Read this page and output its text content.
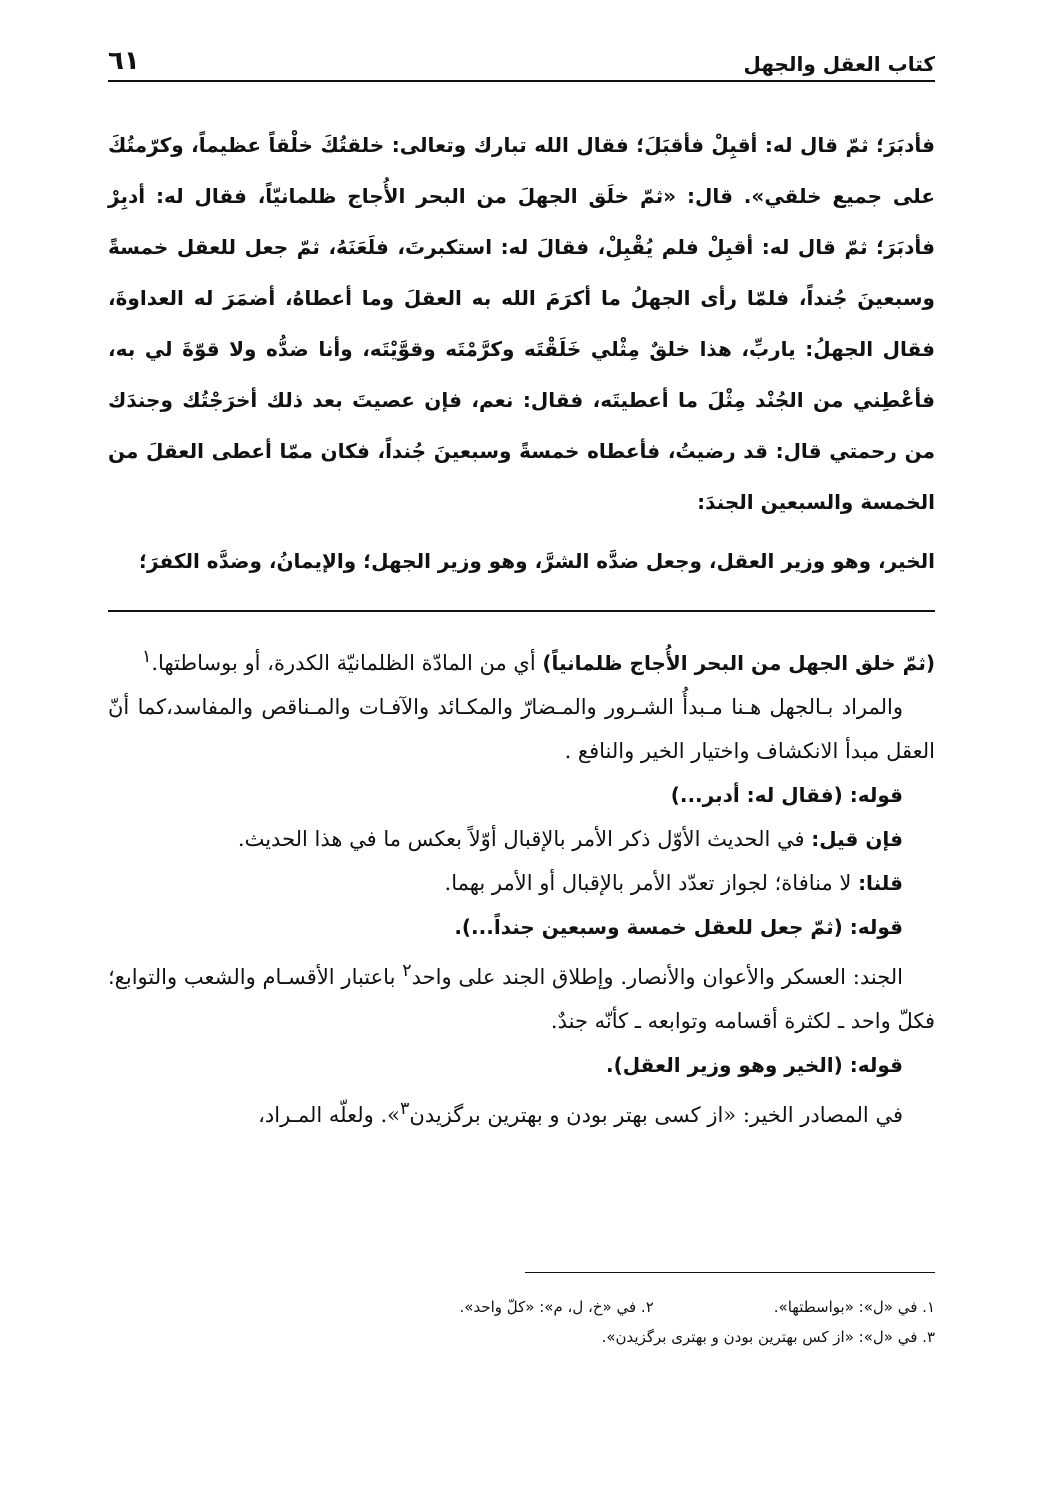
كتاب العقل والجهل
٦١

فأدبَرَ؛ ثمّ قال له: أقبِلْ فأقبَلَ؛ فقال الله تبارك وتعالى: خلقتُكَ خلْقاً عظيماً، وكرّمتُكَ على جميع خلقي». قال: «ثمّ خلَق الجهلَ من البحر الأُجاج ظلمانيّاً، فقال له: أدبِرْ فأدبَرَ؛ ثمّ قال له: أقبِلْ فلم يُقْبِلْ، فقالَ له: استكبرتَ، فلَعَنَهُ، ثمّ جعل للعقل خمسةً وسبعينَ جُنداً، فلمّا رأى الجهلُ ما أكرَمَ الله به العقلَ وما أعطاهُ، أضمَرَ له العداوةَ، فقال الجهلُ: ياربِّ، هذا خلقٌ مِثْلي خَلَقْتَه وكرَّمْتَه وقوَّيْتَه، وأنا ضدُّه ولا قوّةَ لي به، فأعْطِني من الجُنْد مِثْلَ ما أعطيتَه، فقال: نعم، فإن عصيتَ بعد ذلك أخرَجْتُك وجندَك من رحمتي قال: قد رضيتُ، فأعطاه خمسةً وسبعينَ جُنداً، فكان ممّا أعطى العقلَ من الخمسة والسبعين الجندَ:

الخير، وهو وزير العقل، وجعل ضدَّه الشرَّ، وهو وزير الجهل؛ والإيمانُ، وضدَّه الكفرَ؛

(ثمّ خلق الجهل من البحر الأُجاج ظلمانياً) أي من المادّة الظلمانيّة الكدرة، أو بوساطتها.$^١$

والمراد بـالجهل هـنا مـبدأُ الشـرور والمـضارّ والمكـائد والآفـات والمـناقص والمفاسد،كما أنّ العقل مبدأ الانكشاف واختيار الخير والنافع .

قوله: (فقال له: أدبر...)

فإن قيل: في الحديث الأوّل ذكر الأمر بالإقبال أوّلاً بعكس ما في هذا الحديث.

قلنا: لا منافاة؛ لجواز تعدّد الأمر بالإقبال أو الأمر بهما.

قوله: (ثمّ جعل للعقل خمسة وسبعين جنداً...).

الجند: العسكر والأعوان والأنصار. وإطلاق الجند على واحد$^٢$ باعتبار الأقسـام والشعب والتوابع؛ فكلّ واحد ـ لكثرة أقسامه وتوابعه ـ كأنّه جندٌ.

قوله: (الخير وهو وزير العقل).

في المصادر الخير: «از كسى بهتر بودن و بهترين برگزيدن$^٣$». ولعلّه المـراد،

١. في «ل»: «بواسطتها».
٢. في «خ، ل، م»: «كلّ واحد».
٣. في «ل»: «از كس بهترين بودن و بهترى برگزيدن».
